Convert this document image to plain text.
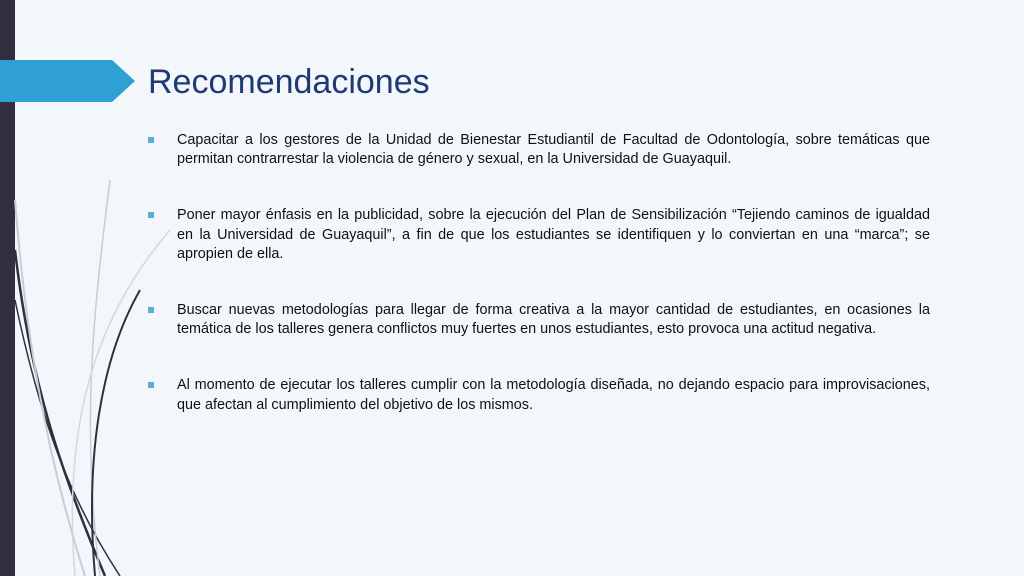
Recomendaciones
Capacitar a los gestores de la Unidad de Bienestar Estudiantil de Facultad de Odontología, sobre temáticas que permitan contrarrestar la violencia de género y sexual, en la Universidad de Guayaquil.
Poner mayor énfasis en la publicidad, sobre la ejecución del Plan de Sensibilización “Tejiendo caminos de igualdad en la Universidad de Guayaquil”, a fin de que los estudiantes se identifiquen y lo conviertan en una “marca”; se apropien de ella.
Buscar nuevas metodologías para llegar de forma creativa a la mayor cantidad de estudiantes, en ocasiones la temática de los talleres genera conflictos muy fuertes en unos estudiantes, esto provoca una actitud negativa.
Al momento de ejecutar los talleres cumplir con la metodología diseñada, no dejando espacio para improvisaciones, que afectan al cumplimiento del objetivo de los mismos.
